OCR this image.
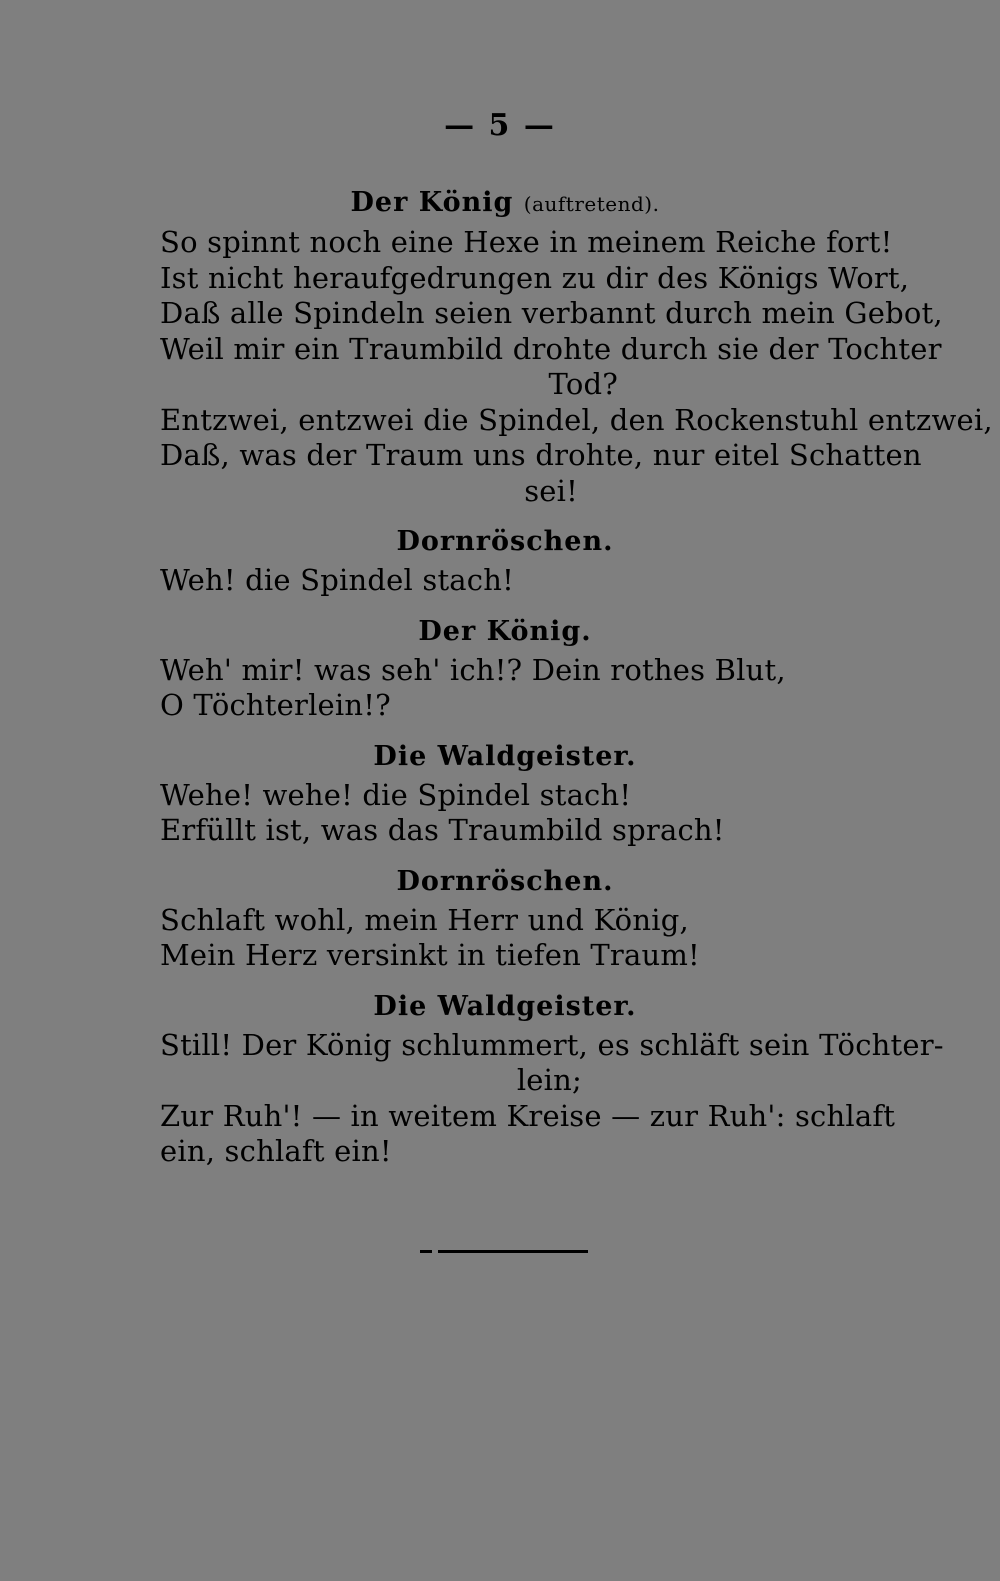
— 5 —
Der König (auftretend).
So spinnt noch eine Hexe in meinem Reiche fort!
Ist nicht heraufgedrungen zu dir des Königs Wort,
Daß alle Spindeln seien verbannt durch mein Gebot,
Weil mir ein Traumbild drohte durch sie der Tochter
Tod?
Entzwei, entzwei die Spindel, den Rockenstuhl entzwei,
Daß, was der Traum uns drohte, nur eitel Schatten
sei!
Dornröschen.
Weh! die Spindel stach!
Der König.
Weh' mir! was seh' ich!? Dein rothes Blut,
O Töchterlein!?
Die Waldgeister.
Wehe! wehe! die Spindel stach!
Erfüllt ist, was das Traumbild sprach!
Dornröschen.
Schlaft wohl, mein Herr und König,
Mein Herz versinkt in tiefen Traum!
Die Waldgeister.
Still! Der König schlummert, es schläft sein Töchter-
lein;
Zur Ruh'! — in weitem Kreise — zur Ruh': schlaft
ein, schlaft ein!
